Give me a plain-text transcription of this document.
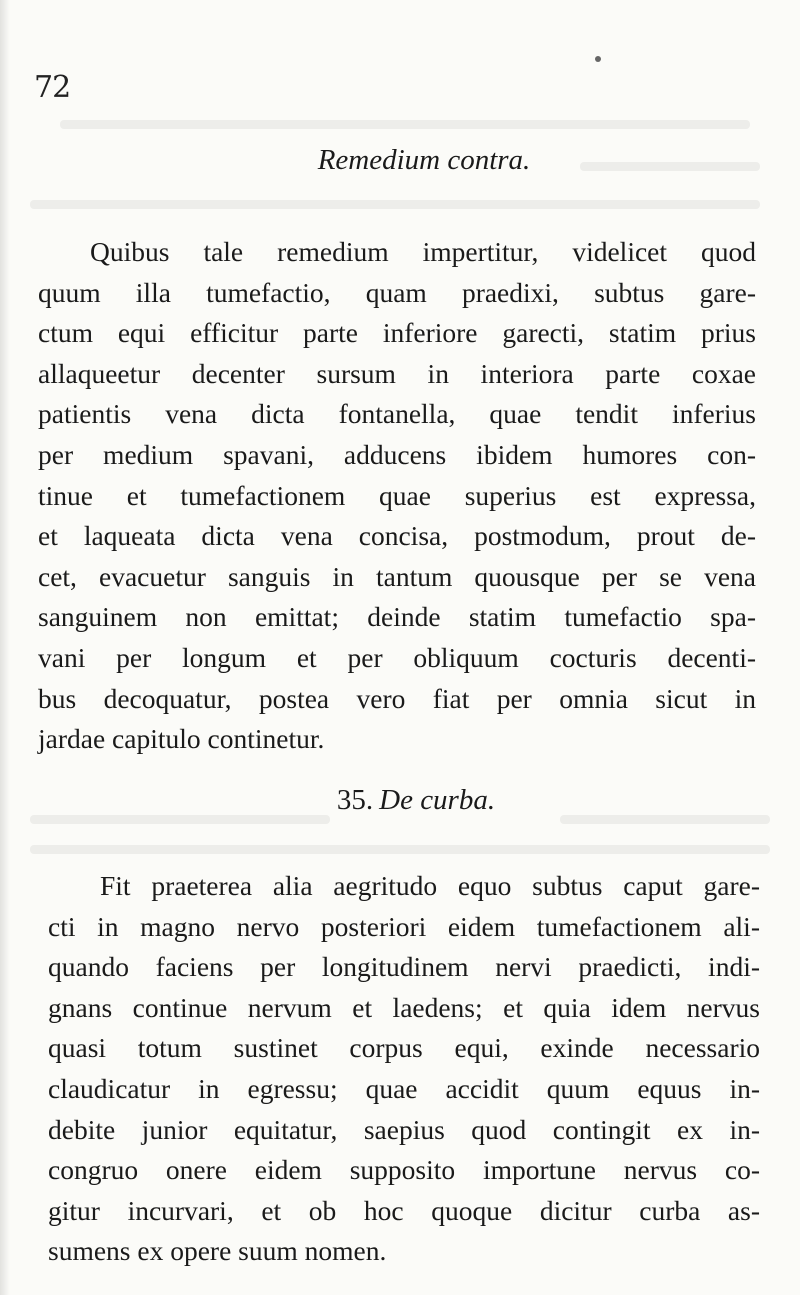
72
Remedium contra.
Quibus tale remedium impertitur, videlicet quod
quum illa tumefactio, quam praedixi, subtus gare-
ctum equi efficitur parte inferiore garecti, statim prius
allaqueetur decenter sursum in interiora parte coxae
patientis vena dicta fontanella, quae tendit inferius
per medium spavani, adducens ibidem humores con-
tinue et tumefactionem quae superius est expressa,
et laqueata dicta vena concisa, postmodum, prout de-
cet, evacuetur sanguis in tantum quousque per se vena
sanguinem non emittat; deinde statim tumefactio spa-
vani per longum et per obliquum cocturis decenti-
bus decoquatur, postea vero fiat per omnia sicut in
jardae capitulo continetur.
35. De curba.
Fit praeterea alia aegritudo equo subtus caput gare-
cti in magno nervo posteriori eidem tumefactionem ali-
quando faciens per longitudinem nervi praedicti, indi-
gnans continue nervum et laedens; et quia idem nervus
quasi totum sustinet corpus equi, exinde necessario
claudicatur in egressu; quae accidit quum equus in-
debite junior equitatur, saepius quod contingit ex in-
congruo onere eidem supposito importune nervus co-
gitur incurvari, et ob hoc quoque dicitur curba as-
sumens ex opere suum nomen.
